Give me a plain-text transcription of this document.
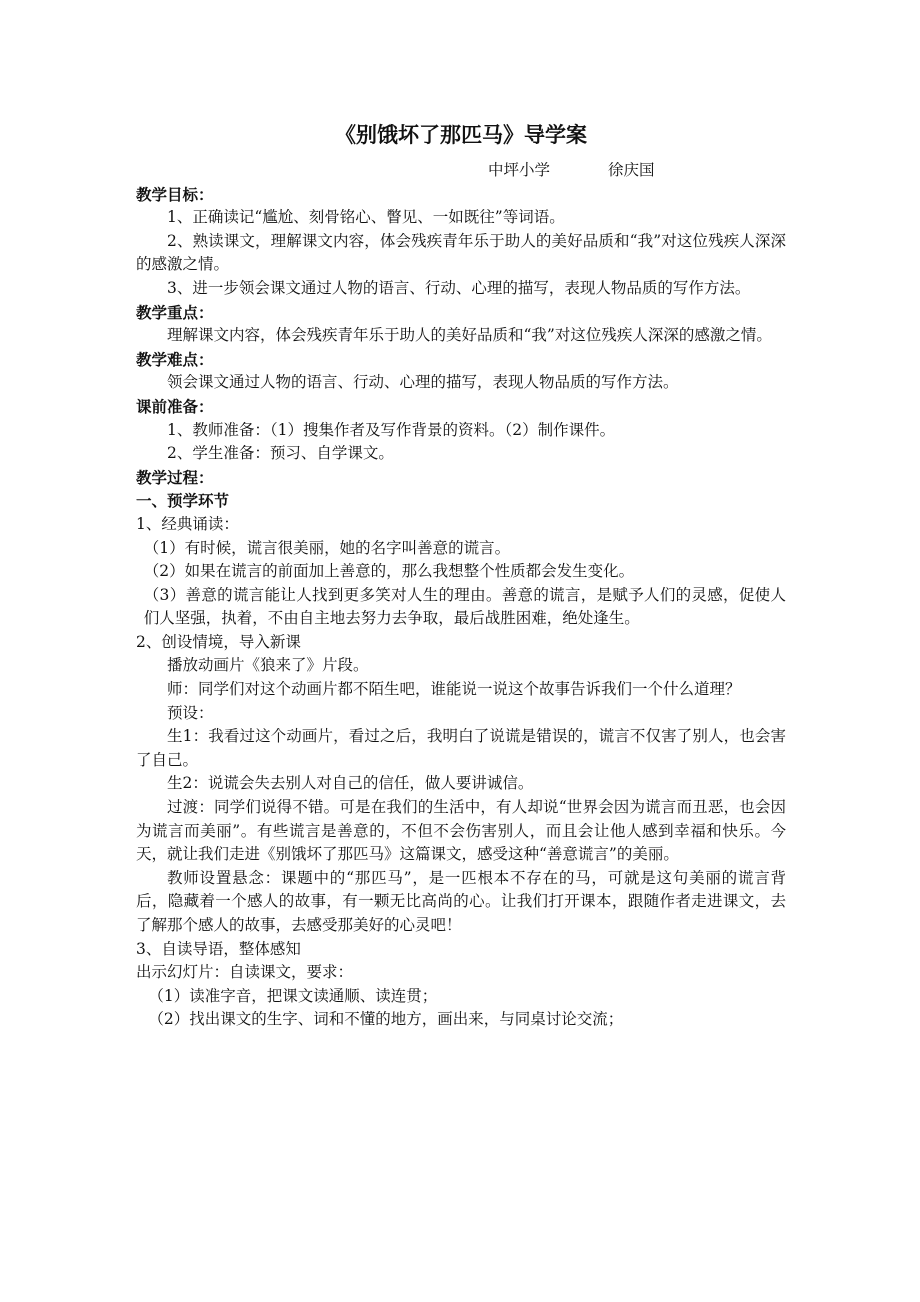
《别饿坏了那匹马》导学案
中坪小学	徐庆国

教学目标：

1、正确读记“尴尬、刻骨铭心、瞥见、一如既往”等词语。

2、熟读课文，理解课文内容，体会残疾青年乐于助人的美好品质和“我”对这位残疾人深深的感激之情。

3、进一步领会课文通过人物的语言、行动、心理的描写，表现人物品质的写作方法。

教学重点：

理解课文内容，体会残疾青年乐于助人的美好品质和“我”对这位残疾人深深的感激之情。

教学难点：

领会课文通过人物的语言、行动、心理的描写，表现人物品质的写作方法。

课前准备：

1、教师准备：（1）搜集作者及写作背景的资料。（2）制作课件。

2、学生准备：预习、自学课文。

教学过程：

一、预学环节

1、经典诵读：

（1）有时候，谎言很美丽，她的名字叫善意的谎言。

（2）如果在谎言的前面加上善意的，那么我想整个性质都会发生变化。

（3）善意的谎言能让人找到更多笑对人生的理由。善意的谎言，是赋予人们的灵感，促使人们人坚强，执着，不由自主地去努力去争取，最后战胜困难，绝处逢生。

2、创设情境，导入新课

播放动画片《狼来了》片段。

师：同学们对这个动画片都不陌生吧，谁能说一说这个故事告诉我们一个什么道理？

预设：

生1：我看过这个动画片，看过之后，我明白了说谎是错误的，谎言不仅害了别人，也会害了自己。

生2：说谎会失去别人对自己的信任，做人要讲诚信。

过渡：同学们说得不错。可是在我们的生活中，有人却说“世界会因为谎言而丑恶，也会因为谎言而美丽”。有些谎言是善意的，不但不会伤害别人，而且会让他人感到幸福和快乐。今天，就让我们走进《别饿坏了那匹马》这篇课文，感受这种“善意谎言”的美丽。

教师设置悬念：课题中的“那匹马”，是一匹根本不存在的马，可就是这句美丽的谎言背后，隐藏着一个感人的故事，有一颗无比高尚的心。让我们打开课本，跟随作者走进课文，去了解那个感人的故事，去感受那美好的心灵吧！

3、自读导语，整体感知

出示幻灯片：自读课文，要求：

（1）读准字音，把课文读通顺、读连贯；

（2）找出课文的生字、词和不懂的地方，画出来，与同桌讨论交流；
